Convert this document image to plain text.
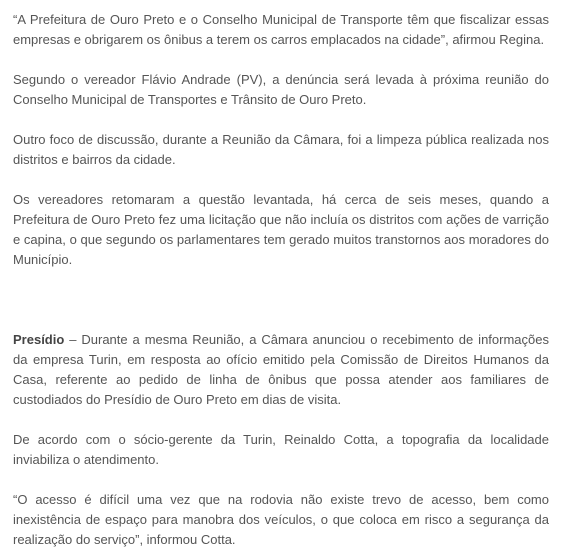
“A Prefeitura de Ouro Preto e o Conselho Municipal de Transporte têm que fiscalizar essas empresas e obrigarem os ônibus a terem os carros emplacados na cidade”, afirmou Regina.

Segundo o vereador Flávio Andrade (PV), a denúncia será levada à próxima reunião do Conselho Municipal de Transportes e Trânsito de Ouro Preto.

Outro foco de discussão, durante a Reunião da Câmara, foi a limpeza pública realizada nos distritos e bairros da cidade.

Os vereadores retomaram a questão levantada, há cerca de seis meses, quando a Prefeitura de Ouro Preto fez uma licitação que não incluía os distritos com ações de varrição e capina, o que segundo os parlamentares tem gerado muitos transtornos aos moradores do Município.

Presídio – Durante a mesma Reunião, a Câmara anunciou o recebimento de informações da empresa Turin, em resposta ao ofício emitido pela Comissão de Direitos Humanos da Casa, referente ao pedido de linha de ônibus que possa atender aos familiares de custodiados do Presídio de Ouro Preto em dias de visita.

De acordo com o sócio-gerente da Turin, Reinaldo Cotta, a topografia da localidade inviabiliza o atendimento.

“O acesso é difícil uma vez que na rodovia não existe trevo de acesso, bem como inexistência de espaço para manobra dos veículos, o que coloca em risco a segurança da realização do serviço”, informou Cotta.
